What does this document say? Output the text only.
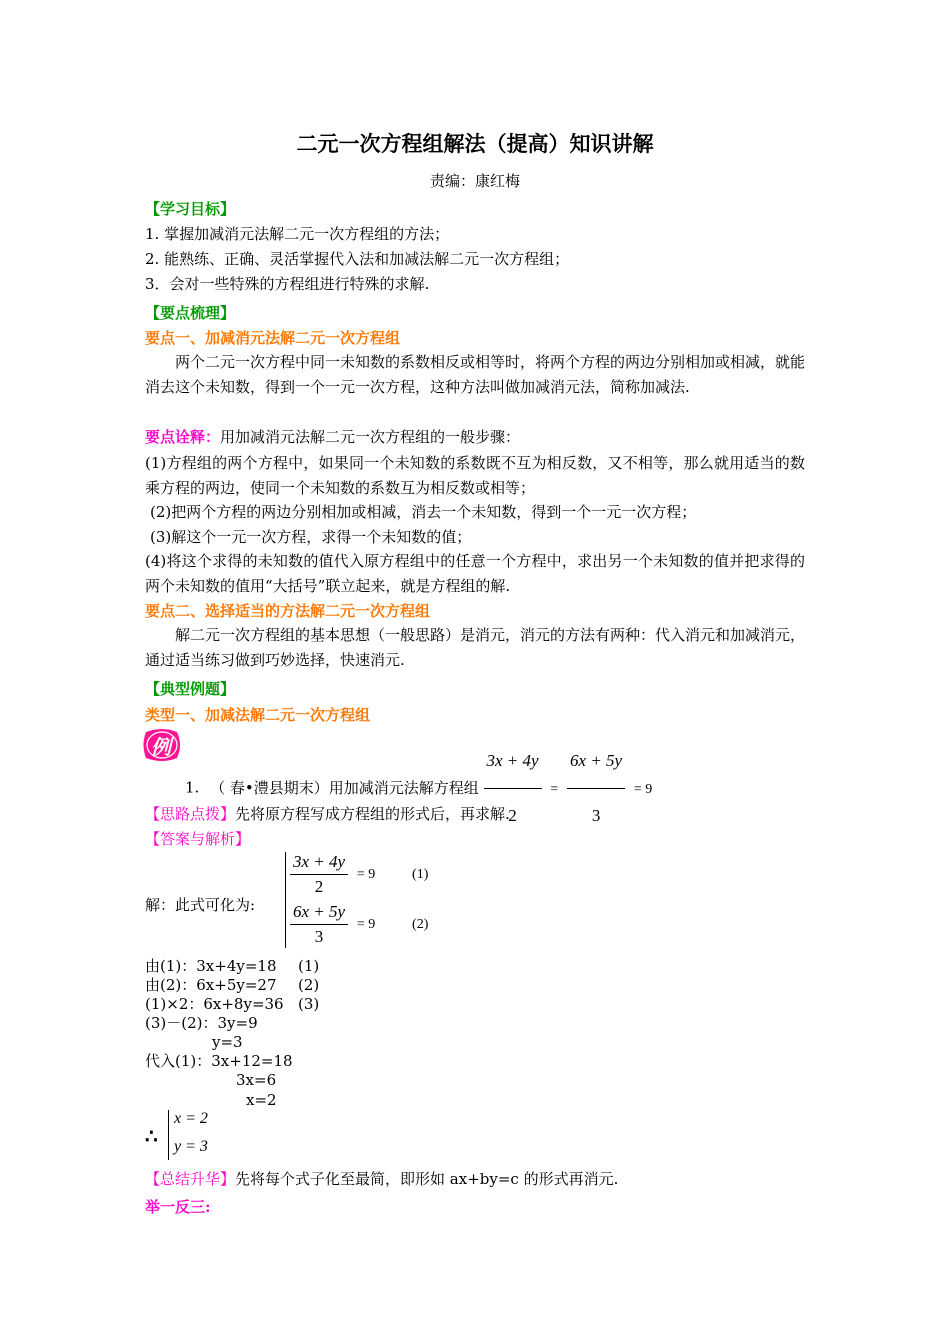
二元一次方程组解法（提高）知识讲解
责编：康红梅
【学习目标】
1. 掌握加减消元法解二元一次方程组的方法；
2. 能熟练、正确、灵活掌握代入法和加减法解二元一次方程组；
3．会对一些特殊的方程组进行特殊的求解.
【要点梳理】
要点一、加减消元法解二元一次方程组
两个二元一次方程中同一未知数的系数相反或相等时，将两个方程的两边分别相加或相减，就能消去这个未知数，得到一个一元一次方程，这种方法叫做加减消元法，简称加减法.
要点诠释：用加减消元法解二元一次方程组的一般步骤：
(1)方程组的两个方程中，如果同一个未知数的系数既不互为相反数，又不相等，那么就用适当的数乘方程的两边，使同一个未知数的系数互为相反数或相等；
(2)把两个方程的两边分别相加或相减，消去一个未知数，得到一个一元一次方程；
(3)解这个一元一次方程，求得一个未知数的值；
(4)将这个求得的未知数的值代入原方程组中的任意一个方程中，求出另一个未知数的值并把求得的两个未知数的值用“大括号”联立起来，就是方程组的解.
要点二、选择适当的方法解二元一次方程组
解二元一次方程组的基本思想（一般思路）是消元，消元的方法有两种：代入消元和加减消元，通过适当练习做到巧妙选择，快速消元.
【典型例题】
类型一、加减法解二元一次方程组
例
1. （ 春•澧县期末）用加减消元法解方程组 $\frac{3x + 4y}{2} = \frac{6x + 5y}{3} = 9$
【思路点拨】先将原方程写成方程组的形式后，再求解.
【答案与解析】
解：此式可化为:
$\frac{3x + 4y}{2} = 9$	(1)
$\frac{6x + 5y}{3} = 9$	(2)
由(1)：3x+4y=18 (1)
由(2)：6x+5y=27 (2)
(1)×2：6x+8y=36 (3)
(3)－(2)：3y=9
y=3
代入(1)：3x+12=18
3x=6
x=2
∴
x = 2
y = 3
【总结升华】先将每个式子化至最简，即形如 ax+by=c 的形式再消元.
举一反三:
